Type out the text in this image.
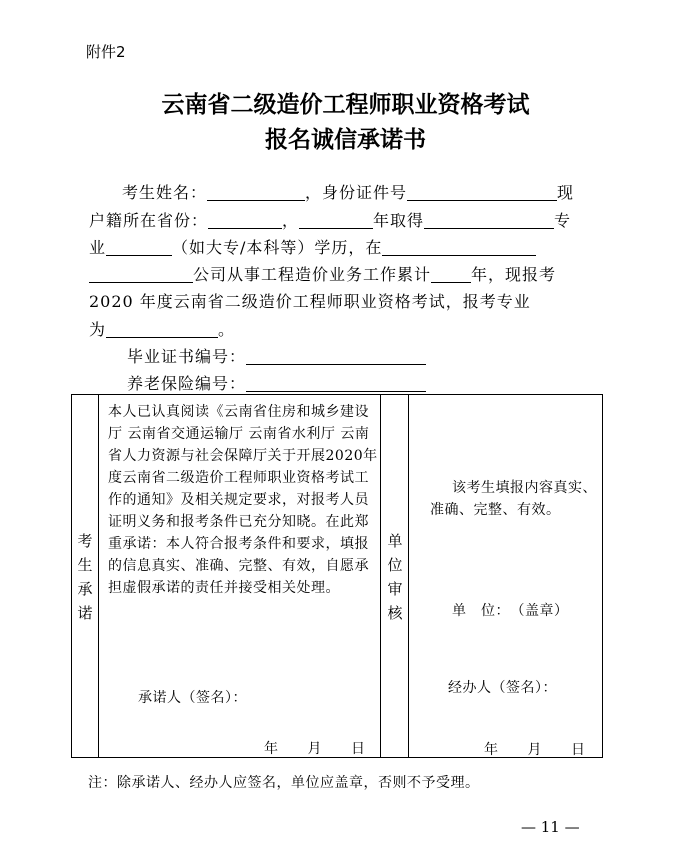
附件2
云南省二级造价工程师职业资格考试
报名诚信承诺书
考生姓名：	，身份证件号	现
户籍所在省份：	，	年取得	专
业	（如大专/本科等）学历，在
公司从事工程造价业务工作累计	年，现报考
2020 年度云南省二级造价工程师职业资格考试，报考专业
为	。
毕业证书编号：
养老保险编号：
考生承诺
本人已认真阅读《云南省住房和城乡建设厅 云南省交通运输厅 云南省水利厅 云南省人力资源与社会保障厅关于开展2020年度云南省二级造价工程师职业资格考试工作的通知》及相关规定要求，对报考人员证明义务和报考条件已充分知晓。在此郑重承诺：本人符合报考条件和要求，填报的信息真实、准确、完整、有效，自愿承担虚假承诺的责任并接受相关处理。
承诺人（签名）：
年　　月　　日
单位审核
该考生填报内容真实、
准确、完整、有效。
单　位：　（盖章）
经办人（签名）：
年　　月　　日
注：除承诺人、经办人应签名，单位应盖章，否则不予受理。
— 11 —
